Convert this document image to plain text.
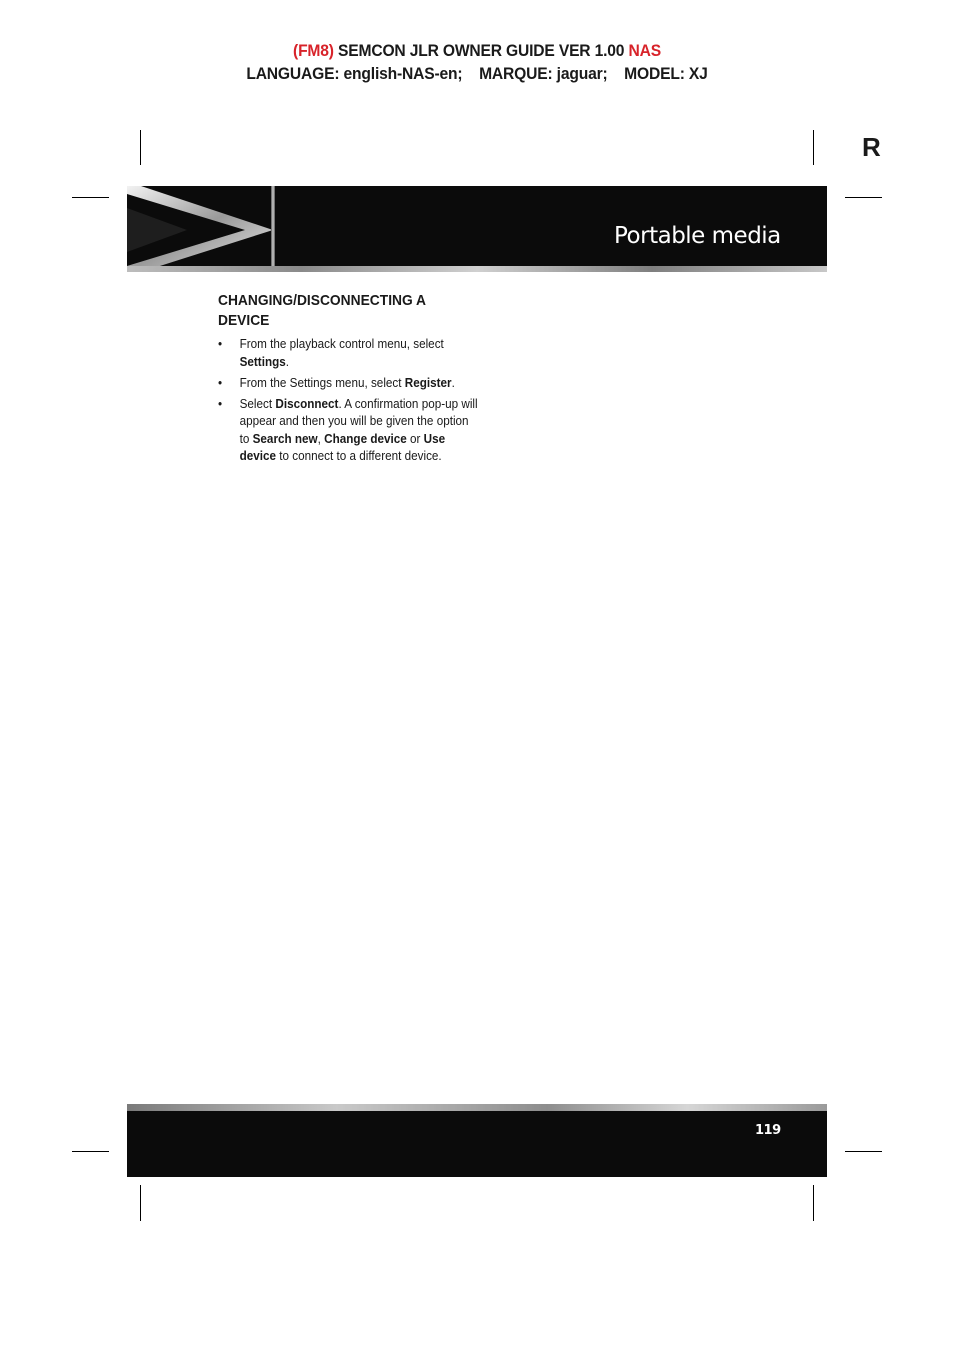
(FM8) SEMCON JLR OWNER GUIDE VER 1.00 NAS
LANGUAGE: english-NAS-en;    MARQUE: jaguar;    MODEL: XJ
R
Portable media
CHANGING/DISCONNECTING A DEVICE
• From the playback control menu, select Settings.
• From the Settings menu, select Register.
• Select Disconnect. A confirmation pop-up will appear and then you will be given the option to Search new, Change device or Use device to connect to a different device.
119
